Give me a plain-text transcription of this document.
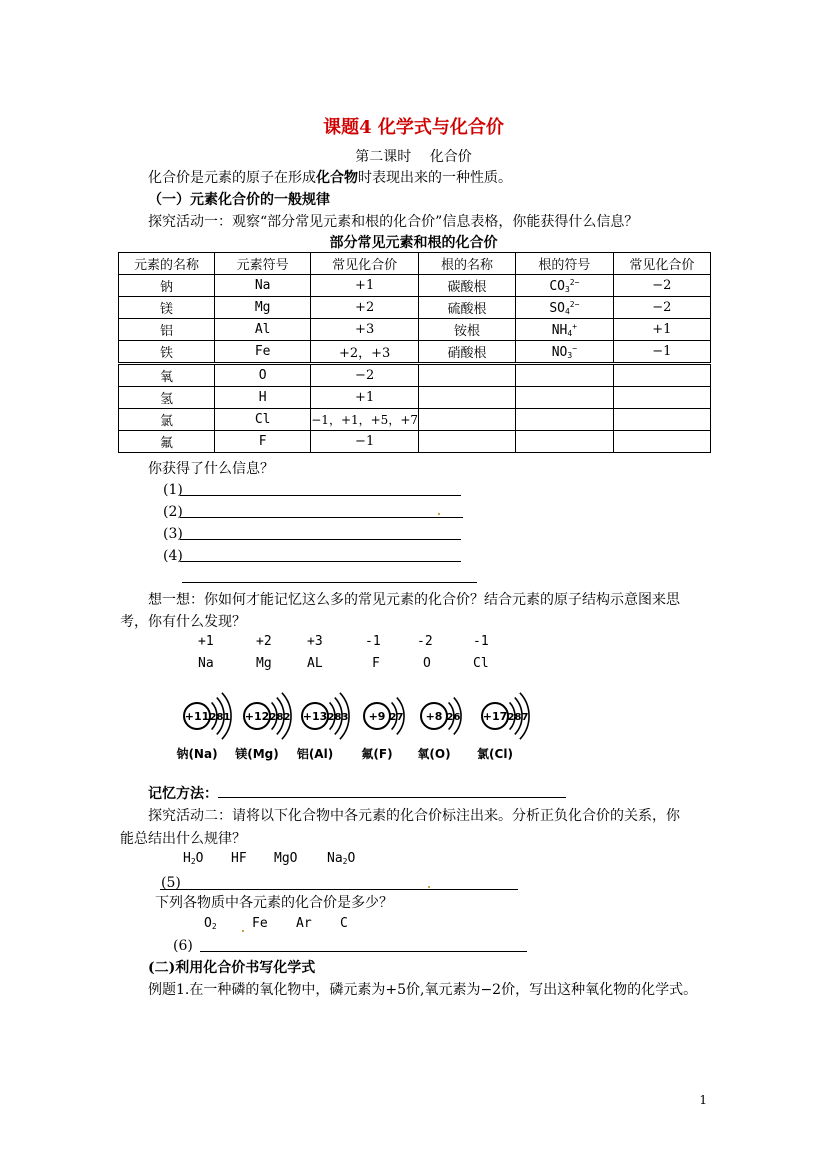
课题4 化学式与化合价
第二课时　 化合价
化合价是元素的原子在形成化合物时表现出来的一种性质。
（一）元素化合价的一般规律
探究活动一：观察“部分常见元素和根的化合价”信息表格，你能获得什么信息？
部分常见元素和根的化合价
元素的名称	元素符号	常见化合价	根的名称	根的符号	常见化合价
钠	Na	+1	碳酸根	$CO_3^{2-}$	−2
镁	Mg	+2	硫酸根	$SO_4^{2-}$	−2
铝	Al	+3	铵根	$NH_4^+$	+1
铁	Fe	+2，+3	硝酸根	$NO_3^-$	−1
氧	O	−2			
氢	H	+1			
氯	Cl	−1，+1，+5，+7			
氟	F	−1			
你获得了什么信息？
(1)
(2)
(3)
(4)
想一想：你如何才能记忆这么多的常见元素的化合价？结合元素的原子结构示意图来思
考，你有什么发现？
+1	+2	+3	-1	-2	-1
Na	Mg	AL	F	O	Cl
+11 2 8 1
钠(Na)
+12 2 8 2
镁(Mg)
+13 2 8 3
铝(Al)
+9 2 7
氟(F)
+8 2 6
氧(O)
+17 2 8 7
氯(Cl)
记忆方法：
探究活动二：请将以下化合物中各元素的化合价标注出来。分析正负化合价的关系，你
能总结出什么规律？
$H_2O$ HF MgO $Na_2O$
(5)
下列各物质中各元素的化合价是多少？
$O_2$	Fe Ar C
(6)
(二)利用化合价书写化学式
例题1.在一种磷的氧化物中，磷元素为+5价,氧元素为−2价，写出这种氧化物的化学式。
1
